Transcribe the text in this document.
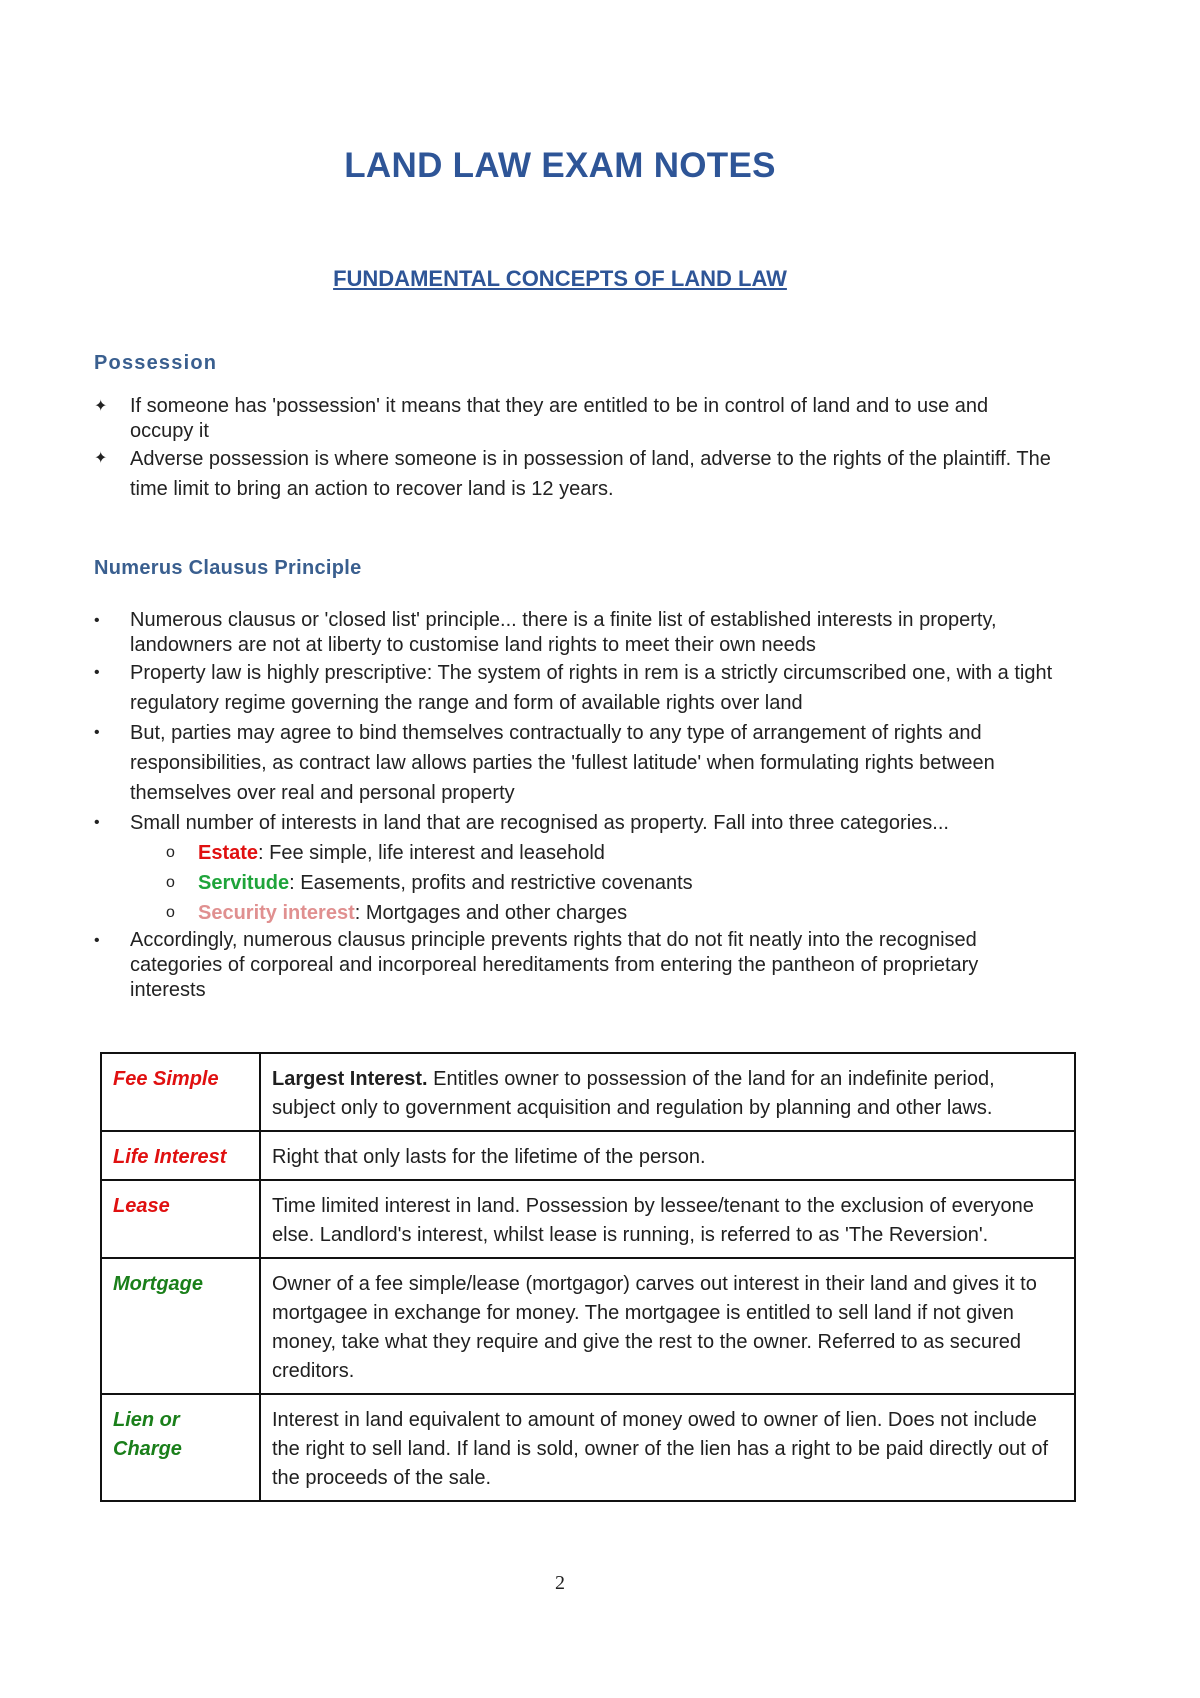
LAND LAW EXAM NOTES
FUNDAMENTAL CONCEPTS OF LAND LAW
Possession
✦ If someone has 'possession' it means that they are entitled to be in control of land and to use and occupy it
✦ Adverse possession is where someone is in possession of land, adverse to the rights of the plaintiff. The time limit to bring an action to recover land is 12 years.
Numerus Clausus Principle
• Numerous clausus or 'closed list' principle... there is a finite list of established interests in property, landowners are not at liberty to customise land rights to meet their own needs
• Property law is highly prescriptive: The system of rights in rem is a strictly circumscribed one, with a tight regulatory regime governing the range and form of available rights over land
• But, parties may agree to bind themselves contractually to any type of arrangement of rights and responsibilities, as contract law allows parties the 'fullest latitude' when formulating rights between themselves over real and personal property
• Small number of interests in land that are recognised as property. Fall into three categories...
o Estate: Fee simple, life interest and leasehold
o Servitude: Easements, profits and restrictive covenants
o Security interest: Mortgages and other charges
• Accordingly, numerous clausus principle prevents rights that do not fit neatly into the recognised categories of corporeal and incorporeal hereditaments from entering the pantheon of proprietary interests
Fee Simple	Largest Interest. Entitles owner to possession of the land for an indefinite period, subject only to government acquisition and regulation by planning and other laws.
Life Interest	Right that only lasts for the lifetime of the person.
Lease	Time limited interest in land. Possession by lessee/tenant to the exclusion of everyone else. Landlord's interest, whilst lease is running, is referred to as 'The Reversion'.
Mortgage	Owner of a fee simple/lease (mortgagor) carves out interest in their land and gives it to mortgagee in exchange for money. The mortgagee is entitled to sell land if not given money, take what they require and give the rest to the owner. Referred to as secured creditors.
Lien or Charge	Interest in land equivalent to amount of money owed to owner of lien. Does not include the right to sell land. If land is sold, owner of the lien has a right to be paid directly out of the proceeds of the sale.
2
